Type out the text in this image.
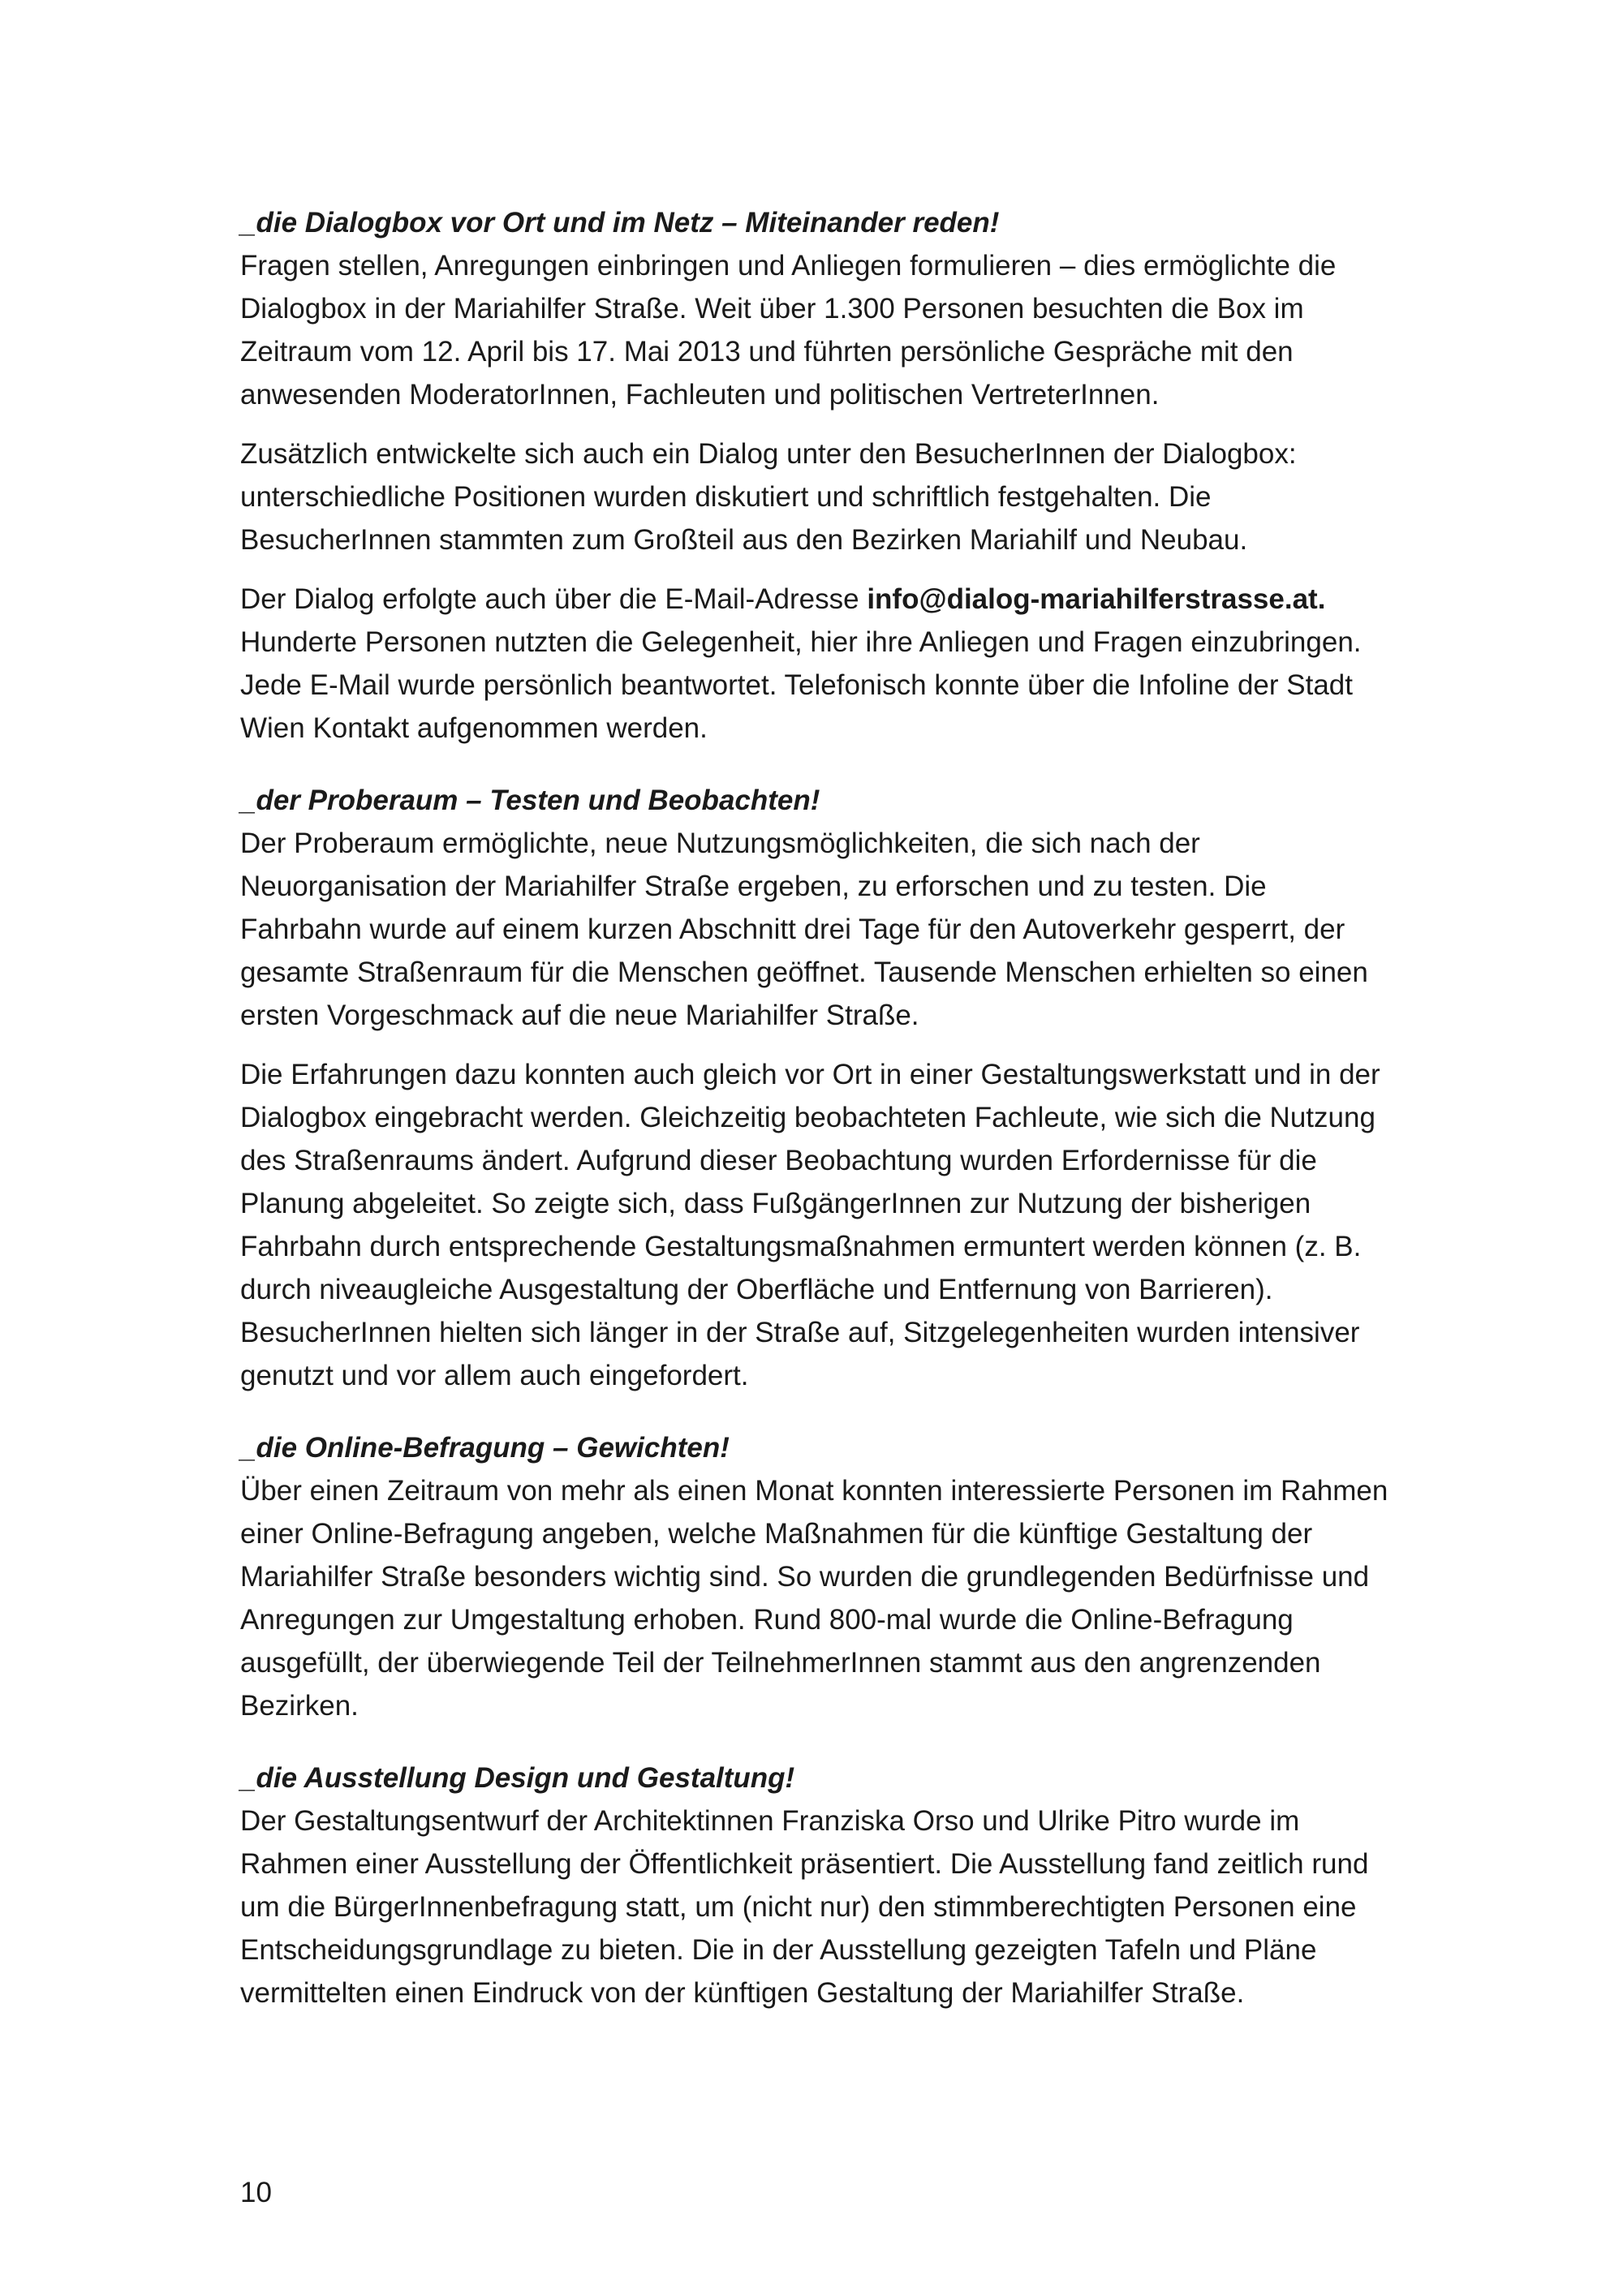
_die Dialogbox vor Ort und im Netz – Miteinander reden!

Fragen stellen, Anregungen einbringen und Anliegen formulieren – dies ermöglichte die Dialogbox in der Mariahilfer Straße. Weit über 1.300 Personen besuchten die Box im Zeitraum vom 12. April bis 17. Mai 2013 und führten persönliche Gespräche mit den anwesenden ModeratorInnen, Fachleuten und politischen VertreterInnen.

Zusätzlich entwickelte sich auch ein Dialog unter den BesucherInnen der Dialogbox: unterschiedliche Positionen wurden diskutiert und schriftlich festgehalten. Die BesucherInnen stammten zum Großteil aus den Bezirken Mariahilf und Neubau.

Der Dialog erfolgte auch über die E-Mail-Adresse info@dialog-mariahilferstrasse.at. Hunderte Personen nutzten die Gelegenheit, hier ihre Anliegen und Fragen einzubringen. Jede E-Mail wurde persönlich beantwortet. Telefonisch konnte über die Infoline der Stadt Wien Kontakt aufgenommen werden.

_der Proberaum – Testen und Beobachten!

Der Proberaum ermöglichte, neue Nutzungsmöglichkeiten, die sich nach der Neuorganisation der Mariahilfer Straße ergeben, zu erforschen und zu testen. Die Fahrbahn wurde auf einem kurzen Abschnitt drei Tage für den Autoverkehr gesperrt, der gesamte Straßenraum für die Menschen geöffnet. Tausende Menschen erhielten so einen ersten Vorgeschmack auf die neue Mariahilfer Straße.

Die Erfahrungen dazu konnten auch gleich vor Ort in einer Gestaltungswerkstatt und in der Dialogbox eingebracht werden. Gleichzeitig beobachteten Fachleute, wie sich die Nutzung des Straßenraums ändert. Aufgrund dieser Beobachtung wurden Erfordernisse für die Planung abgeleitet. So zeigte sich, dass FußgängerInnen zur Nutzung der bisherigen Fahrbahn durch entsprechende Gestaltungsmaßnahmen ermuntert werden können (z. B. durch niveaugleiche Ausgestaltung der Oberfläche und Entfernung von Barrieren). BesucherInnen hielten sich länger in der Straße auf, Sitzgelegenheiten wurden intensiver genutzt und vor allem auch eingefordert.

_die Online-Befragung – Gewichten!

Über einen Zeitraum von mehr als einen Monat konnten interessierte Personen im Rahmen einer Online-Befragung angeben, welche Maßnahmen für die künftige Gestaltung der Mariahilfer Straße besonders wichtig sind. So wurden die grundlegenden Bedürfnisse und Anregungen zur Umgestaltung erhoben. Rund 800-mal wurde die Online-Befragung ausgefüllt, der überwiegende Teil der TeilnehmerInnen stammt aus den angrenzenden Bezirken.

_die Ausstellung Design und Gestaltung!

Der Gestaltungsentwurf der Architektinnen Franziska Orso und Ulrike Pitro wurde im Rahmen einer Ausstellung der Öffentlichkeit präsentiert. Die Ausstellung fand zeitlich rund um die BürgerInnenbefragung statt, um (nicht nur) den stimmberechtigten Personen eine Entscheidungsgrundlage zu bieten. Die in der Ausstellung gezeigten Tafeln und Pläne vermittelten einen Eindruck von der künftigen Gestaltung der Mariahilfer Straße.

10
